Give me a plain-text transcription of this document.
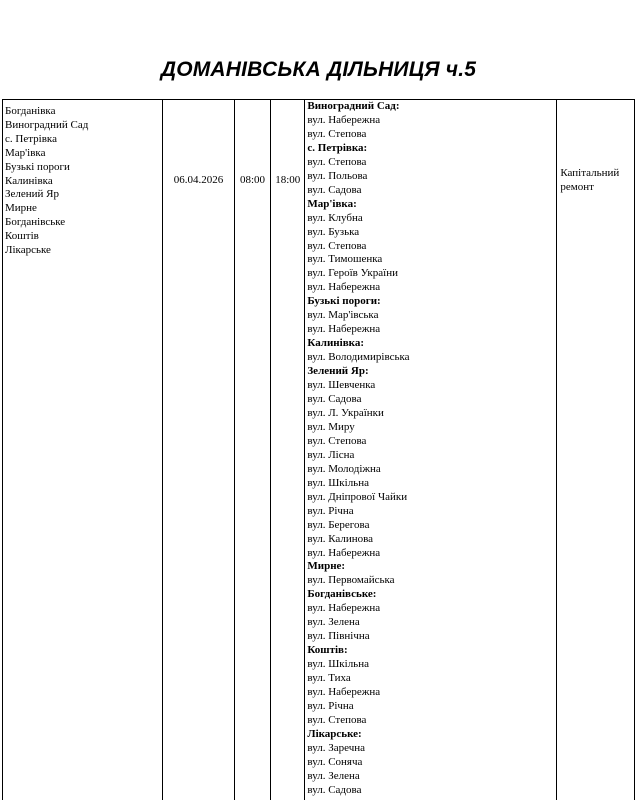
ДОМАНІВСЬКА ДІЛЬНИЦЯ ч.5
Богданівка
Виноградний Сад
с. Петрівка
Мар'івка
Бузькі пороги
Калинівка
Зелений Яр
Мирне
Богданівське
Коштів
Лікарське

06.04.2026	08:00	18:00

Виноградний Сад:
вул. Набережна
вул. Степова
с. Петрівка:
вул. Степова
вул. Польова
вул. Садова
Мар'івка:
вул. Клубна
вул. Бузька
вул. Степова
вул. Тимошенка
вул. Героїв України
вул. Набережна
Бузькі пороги:
вул. Мар'івська
вул. Набережна
Калинівка:
вул. Володимирівська
Зелений Яр:
вул. Шевченка
вул. Садова
вул. Л. Українки
вул. Миру
вул. Степова
вул. Лісна
вул. Молодіжна
вул. Шкільна
вул. Дніпрової Чайки
вул. Річна
вул. Берегова
вул. Калинова
вул. Набережна
Мирне:
вул. Первомайська
Богданівське:
вул. Набережна
вул. Зелена
вул. Північна
Коштів:
вул. Шкільна
вул. Тиха
вул. Набережна
вул. Річна
вул. Степова
Лікарське:
вул. Заречна
вул. Соняча
вул. Зелена
вул. Садова

Капітальний ремонт
